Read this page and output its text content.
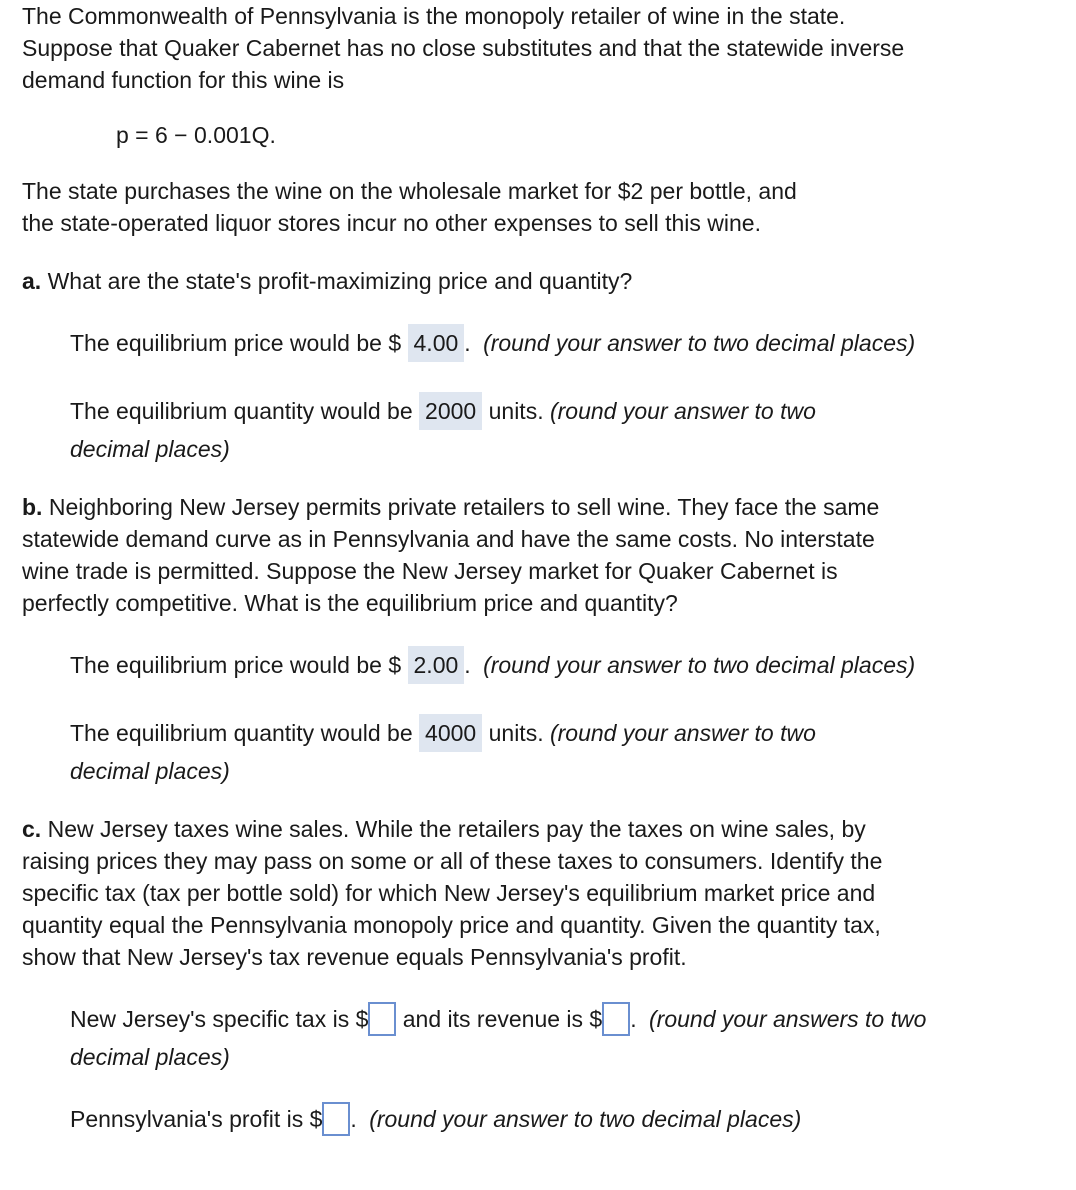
The Commonwealth of Pennsylvania is the monopoly retailer of wine in the state.
Suppose that Quaker Cabernet has no close substitutes and that the statewide inverse
demand function for this wine is
p = 6 − 0.001Q.
The state purchases the wine on the wholesale market for $2 per bottle, and
the state-operated liquor stores incur no other expenses to sell this wine.
a. What are the state's profit-maximizing price and quantity?
The equilibrium price would be $ 4.00 . (round your answer to two decimal places)
The equilibrium quantity would be 2000 units. (round your answer to two
decimal places)
b. Neighboring New Jersey permits private retailers to sell wine. They face the same
statewide demand curve as in Pennsylvania and have the same costs. No interstate
wine trade is permitted. Suppose the New Jersey market for Quaker Cabernet is
perfectly competitive. What is the equilibrium price and quantity?
The equilibrium price would be $ 2.00 . (round your answer to two decimal places)
The equilibrium quantity would be 4000 units. (round your answer to two
decimal places)
c. New Jersey taxes wine sales. While the retailers pay the taxes on wine sales, by
raising prices they may pass on some or all of these taxes to consumers. Identify the
specific tax (tax per bottle sold) for which New Jersey's equilibrium market price and
quantity equal the Pennsylvania monopoly price and quantity. Given the quantity tax,
show that New Jersey's tax revenue equals Pennsylvania's profit.
New Jersey's specific tax is $ and its revenue is $ . (round your answers to two
decimal places)
Pennsylvania's profit is $ . (round your answer to two decimal places)
